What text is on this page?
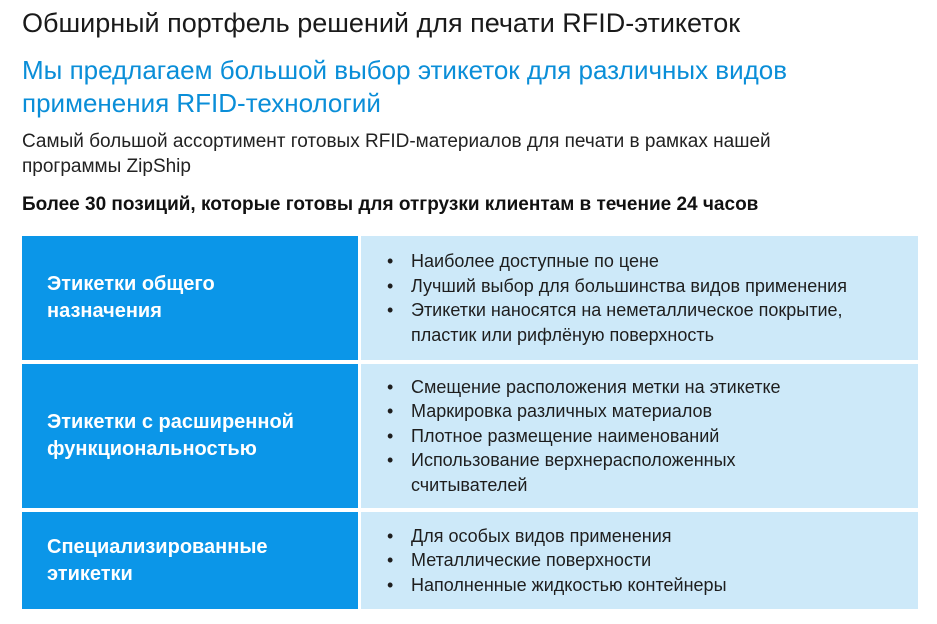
Обширный портфель решений для печати RFID-этикеток
Мы предлагаем большой выбор этикеток для различных видов
применения RFID-технологий
Самый большой ассортимент готовых RFID-материалов для печати в рамках нашей
программы ZipShip
Более 30 позиций, которые готовы для отгрузки клиентам в течение 24 часов
Этикетки общего
назначения
• Наиболее доступные по цене
• Лучший выбор для большинства видов применения
• Этикетки наносятся на неметаллическое покрытие,
пластик или рифлёную поверхность
Этикетки с расширенной
функциональностью
• Смещение расположения метки на этикетке
• Маркировка различных материалов
• Плотное размещение наименований
• Использование верхнерасположенных
считывателей
Специализированные
этикетки
• Для особых видов применения
• Металлические поверхности
• Наполненные жидкостью контейнеры
